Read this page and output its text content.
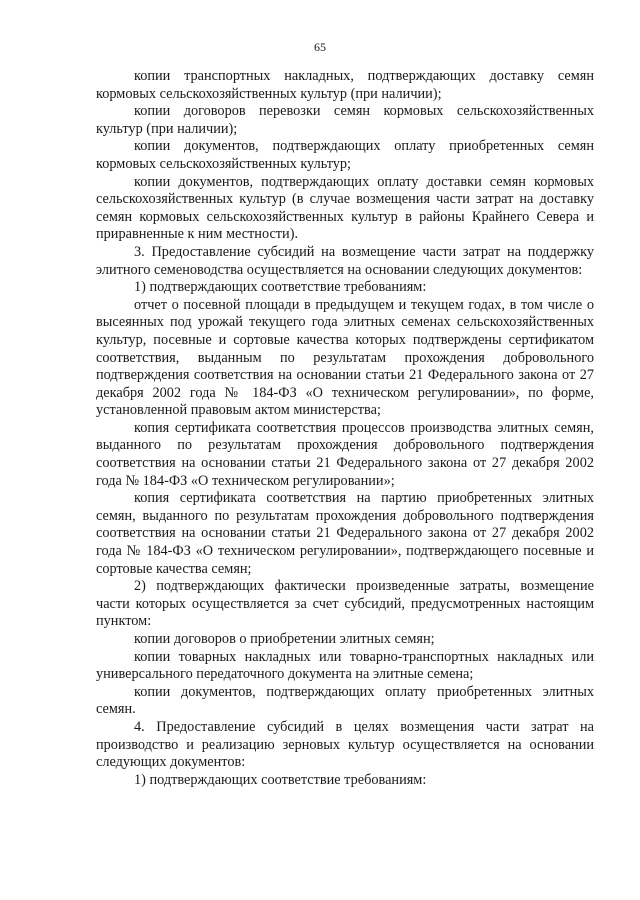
65

копии транспортных накладных, подтверждающих доставку семян кормовых сельскохозяйственных культур (при наличии);

копии договоров перевозки семян кормовых сельскохозяйственных культур (при наличии);

копии документов, подтверждающих оплату приобретенных семян кормовых сельскохозяйственных культур;

копии документов, подтверждающих оплату доставки семян кормовых сельскохозяйственных культур (в случае возмещения части затрат на доставку семян кормовых сельскохозяйственных культур в районы Крайнего Севера и приравненные к ним местности).

3. Предоставление субсидий на возмещение части затрат на поддержку элитного семеноводства осуществляется на основании следующих документов:

1) подтверждающих соответствие требованиям:

отчет о посевной площади в предыдущем и текущем годах, в том числе о высеянных под урожай текущего года элитных семенах сельскохозяйственных культур, посевные и сортовые качества которых подтверждены сертификатом соответствия, выданным по результатам прохождения добровольного подтверждения соответствия на основании статьи 21 Федерального закона от 27 декабря 2002 года № 184-ФЗ «О техническом регулировании», по форме, установленной правовым актом министерства;

копия сертификата соответствия процессов производства элитных семян, выданного по результатам прохождения добровольного подтверждения соответствия на основании статьи 21 Федерального закона от 27 декабря 2002 года № 184-ФЗ «О техническом регулировании»;

копия сертификата соответствия на партию приобретенных элитных семян, выданного по результатам прохождения добровольного подтверждения соответствия на основании статьи 21 Федерального закона от 27 декабря 2002 года № 184-ФЗ «О техническом регулировании», подтверждающего посевные и сортовые качества семян;

2) подтверждающих фактически произведенные затраты, возмещение части которых осуществляется за счет субсидий, предусмотренных настоящим пунктом:

копии договоров о приобретении элитных семян;

копии товарных накладных или товарно-транспортных накладных или универсального передаточного документа на элитные семена;

копии документов, подтверждающих оплату приобретенных элитных семян.

4. Предоставление субсидий в целях возмещения части затрат на производство и реализацию зерновых культур осуществляется на основании следующих документов:

1) подтверждающих соответствие требованиям:
